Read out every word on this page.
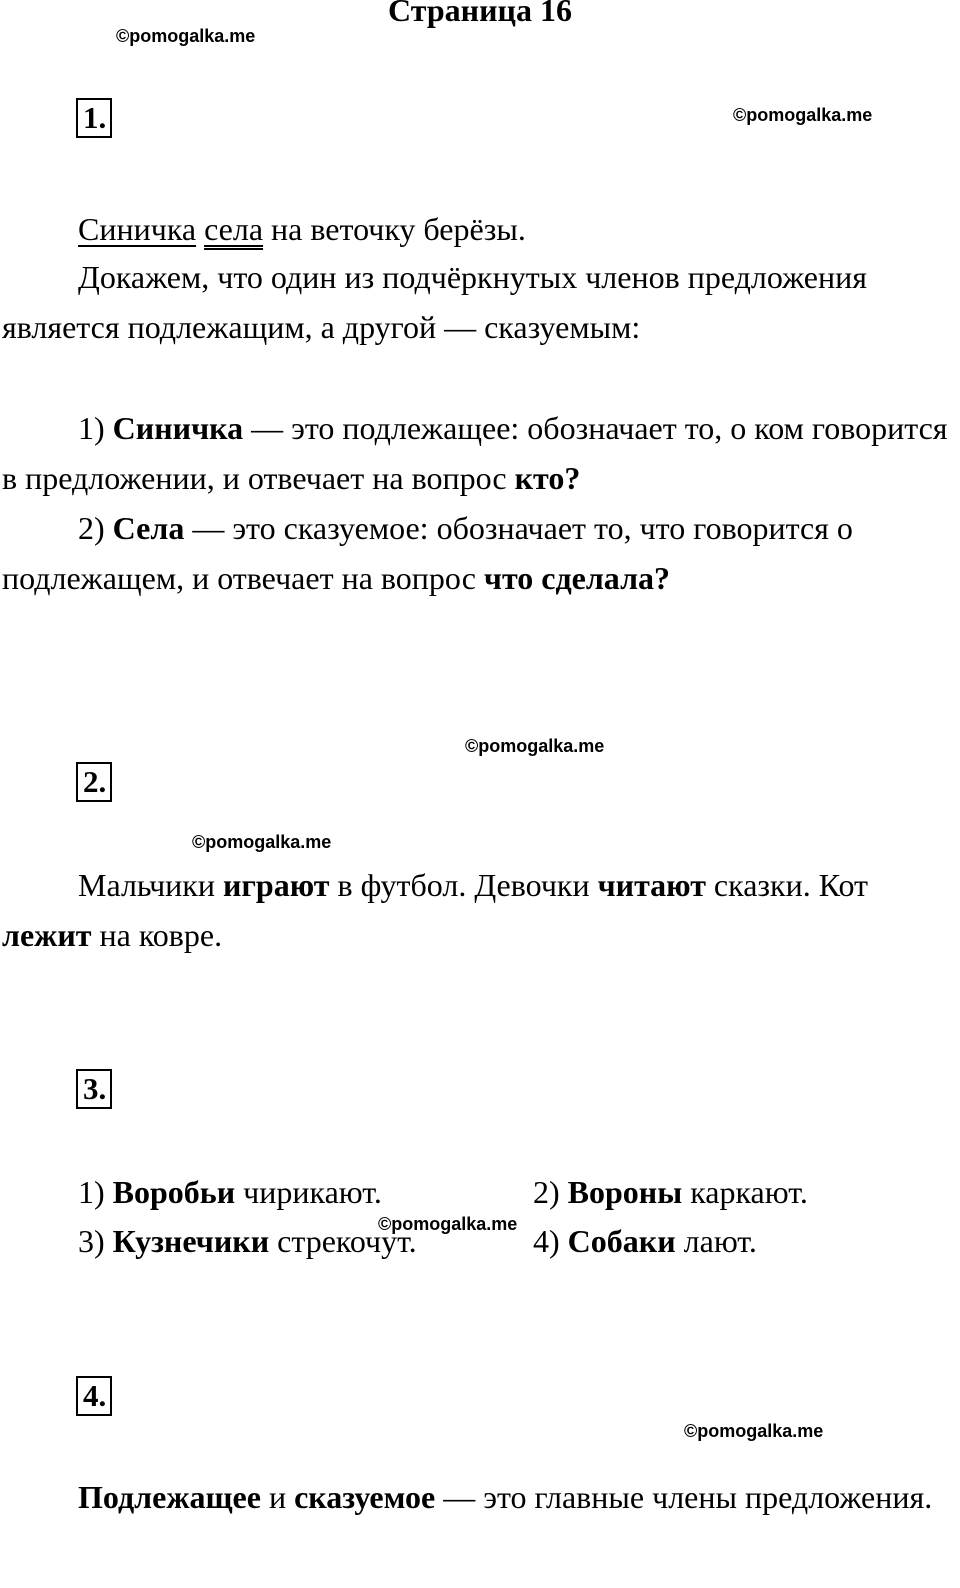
Страница 16
©pomogalka.me
©pomogalka.me
©pomogalka.me
©pomogalka.me
©pomogalka.me
©pomogalka.me
1.
Синичка села на веточку берёзы.

Докажем, что один из подчёркнутых членов предложения является подлежащим, а другой — сказуемым:

1) Синичка — это подлежащее: обозначает то, о ком говорится в предложении, и отвечает на вопрос кто?

2) Села — это сказуемое: обозначает то, что говорится о подлежащем, и отвечает на вопрос что сделала?

2.

Мальчики играют в футбол. Девочки читают сказки. Кот лежит на ковре.

3.
1) Воробьи чирикают.	2) Вороны каркают.
3) Кузнечики стрекочут.	4) Собаки лают.
4.

Подлежащее и сказуемое — это главные члены предложения.
